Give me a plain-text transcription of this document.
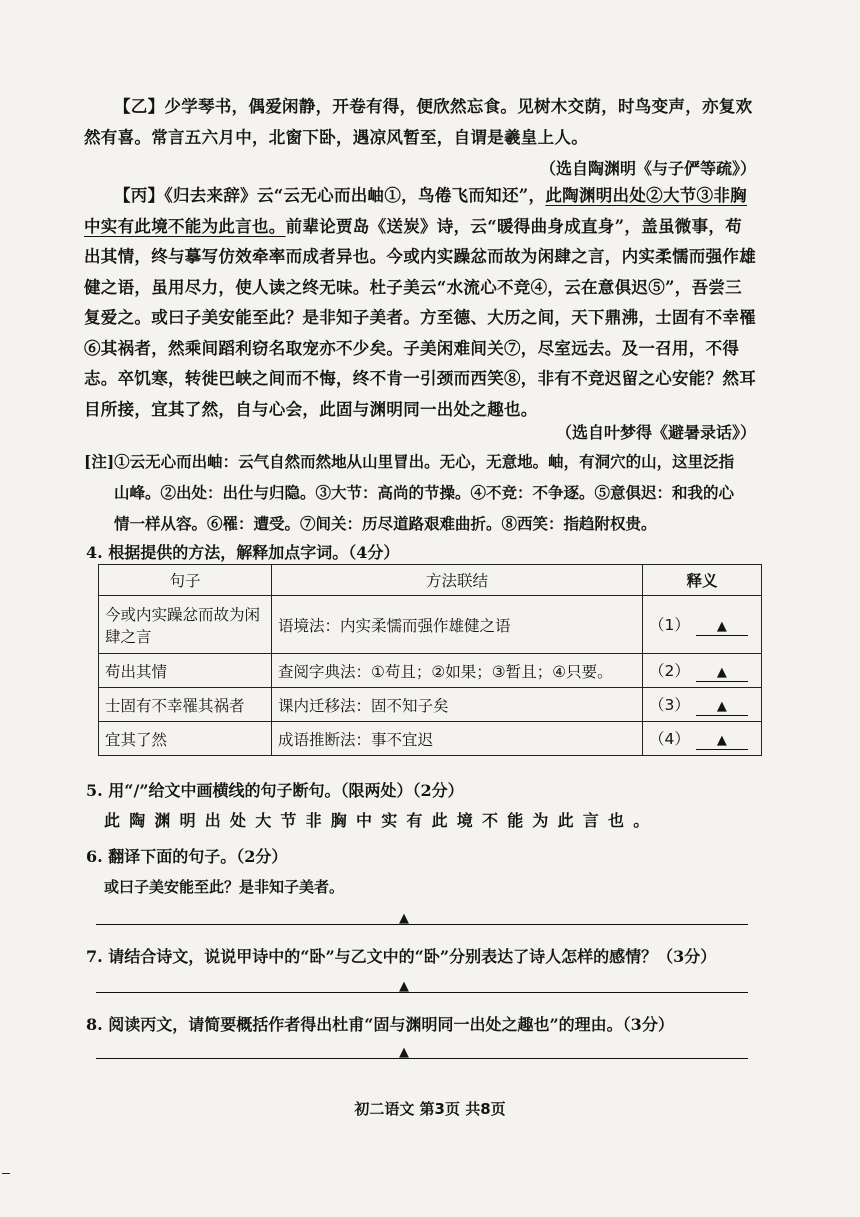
【乙】少学琴书，偶爱闲静，开卷有得，便欣然忘食。见树木交荫，时鸟变声，亦复欢然有喜。常言五六月中，北窗下卧，遇凉风暂至，自谓是羲皇上人。
（选自陶渊明《与子俨等疏》）
【丙】《归去来辞》云“云无心而出岫①，鸟倦飞而知还”，此陶渊明出处②大节③非胸中实有此境不能为此言也。前辈论贾岛《送炭》诗，云“暖得曲身成直身”，盖虽微事，苟出其情，终与摹写仿效牵率而成者异也。今或内实躁忿而故为闲肆之言，内实柔懦而强作雄健之语，虽用尽力，使人读之终无味。杜子美云“水流心不竞④，云在意俱迟⑤”，吾尝三复爱之。或曰子美安能至此？是非知子美者。方至德、大历之间，天下鼎沸，士固有不幸罹⑥其祸者，然乘间蹈利窃名取宠亦不少矣。子美闲难间关⑦，尽室远去。及一召用，不得志。卒饥寒，转徙巴峡之间而不悔，终不肯一引颈而西笑⑧，非有不竞迟留之心安能？然耳目所接，宜其了然，自与心会，此固与渊明同一出处之趣也。
（选自叶梦得《避暑录话》）
[注]①云无心而出岫：云气自然而然地从山里冒出。无心，无意地。岫，有洞穴的山，这里泛指
山峰。②出处：出仕与归隐。③大节：高尚的节操。④不竞：不争逐。⑤意俱迟：和我的心
情一样从容。⑥罹：遭受。⑦间关：历尽道路艰难曲折。⑧西笑：指趋附权贵。
4. 根据提供的方法，解释加点字词。（4分）
句子	方法联结	释义
今或内实躁忿而故为闲肆之言	语境法：内实柔懦而强作雄健之语	（1） ▲
苟出其情	查阅字典法：①苟且；②如果；③暂且；④只要。	（2） ▲
士固有不幸罹其祸者	课内迁移法：固不知子矣	（3） ▲
宜其了然	成语推断法：事不宜迟	（4） ▲
5. 用“/”给文中画横线的句子断句。（限两处）（2分）
此陶渊明出处大节非胸中实有此境不能为此言也。
6. 翻译下面的句子。（2分）
或曰子美安能至此？是非知子美者。
▲
7. 请结合诗文，说说甲诗中的“卧”与乙文中的“卧”分别表达了诗人怎样的感情？（3分）
▲
8. 阅读丙文，请简要概括作者得出杜甫“固与渊明同一出处之趣也”的理由。（3分）
▲
初二语文 第3页 共8页
